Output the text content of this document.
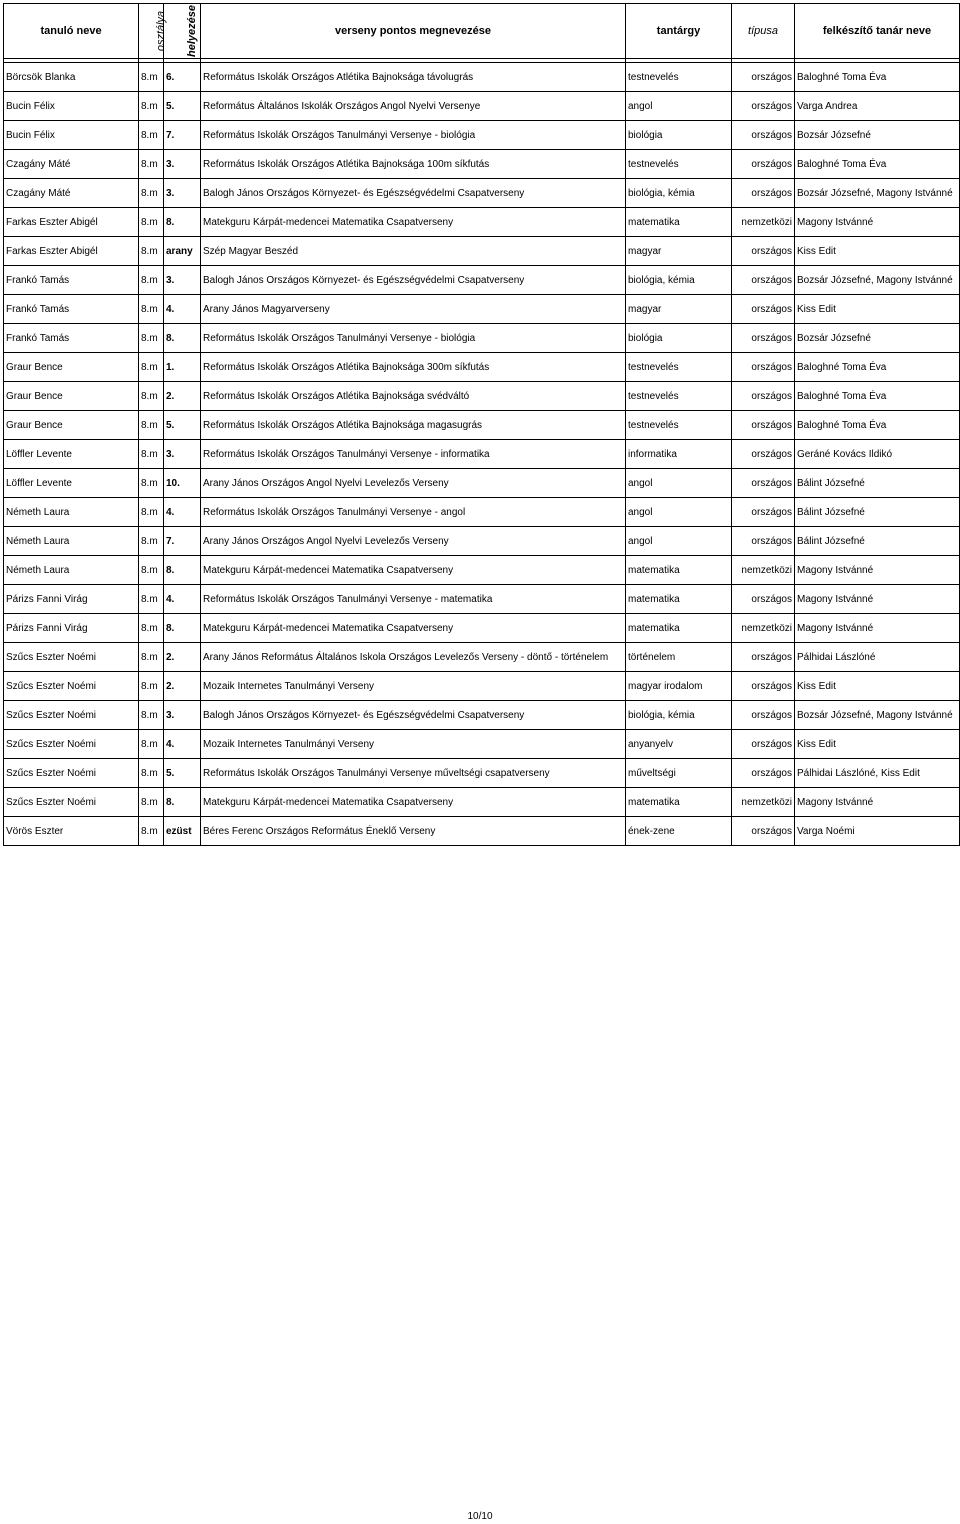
tanuló neve	osztálya	helyezése	verseny pontos megnevezése	tantárgy	típusa	felkészítő tanár neve

Börcsök Blanka	8.m	6.	Református Iskolák Országos Atlétika Bajnoksága távolugrás	testnevelés	országos	Baloghné Toma Éva
Bucin Félix	8.m	5.	Református Általános Iskolák Országos Angol Nyelvi Versenye	angol	országos	Varga Andrea
Bucin Félix	8.m	7.	Református Iskolák Országos Tanulmányi Versenye - biológia	biológia	országos	Bozsár Józsefné
Czagány Máté	8.m	3.	Református Iskolák Országos Atlétika Bajnoksága 100m síkfutás	testnevelés	országos	Baloghné Toma Éva
Czagány Máté	8.m	3.	Balogh János Országos Környezet- és Egészségvédelmi Csapatverseny	biológia, kémia	országos	Bozsár Józsefné, Magony Istvánné
Farkas Eszter Abigél	8.m	8.	Matekguru Kárpát-medencei Matematika Csapatverseny	matematika	nemzetközi	Magony Istvánné
Farkas Eszter Abigél	8.m	arany	Szép Magyar Beszéd	magyar	országos	Kiss Edit
Frankó Tamás	8.m	3.	Balogh János Országos Környezet- és Egészségvédelmi Csapatverseny	biológia, kémia	országos	Bozsár Józsefné, Magony Istvánné
Frankó Tamás	8.m	4.	Arany János Magyarverseny	magyar	országos	Kiss Edit
Frankó Tamás	8.m	8.	Református Iskolák Országos Tanulmányi Versenye - biológia	biológia	országos	Bozsár Józsefné
Graur Bence	8.m	1.	Református Iskolák Országos Atlétika Bajnoksága 300m síkfutás	testnevelés	országos	Baloghné Toma Éva
Graur Bence	8.m	2.	Református Iskolák Országos Atlétika Bajnoksága svédváltó	testnevelés	országos	Baloghné Toma Éva
Graur Bence	8.m	5.	Református Iskolák Országos Atlétika Bajnoksága magasugrás	testnevelés	országos	Baloghné Toma Éva
Löffler Levente	8.m	3.	Református Iskolák Országos Tanulmányi Versenye - informatika	informatika	országos	Geráné Kovács Ildikó
Löffler Levente	8.m	10.	Arany János Országos Angol Nyelvi Levelezős Verseny	angol	országos	Bálint Józsefné
Németh Laura	8.m	4.	Református Iskolák Országos Tanulmányi Versenye - angol	angol	országos	Bálint Józsefné
Németh Laura	8.m	7.	Arany János Országos Angol Nyelvi Levelezős Verseny	angol	országos	Bálint Józsefné
Németh Laura	8.m	8.	Matekguru Kárpát-medencei Matematika Csapatverseny	matematika	nemzetközi	Magony Istvánné
Párizs Fanni Virág	8.m	4.	Református Iskolák Országos Tanulmányi Versenye - matematika	matematika	országos	Magony Istvánné
Párizs Fanni Virág	8.m	8.	Matekguru Kárpát-medencei Matematika Csapatverseny	matematika	nemzetközi	Magony Istvánné
Szűcs Eszter Noémi	8.m	2.	Arany János Református Általános Iskola Országos Levelezős Verseny - döntő - történelem	történelem	országos	Pálhidai Lászlóné
Szűcs Eszter Noémi	8.m	2.	Mozaik Internetes Tanulmányi Verseny	magyar irodalom	országos	Kiss Edit
Szűcs Eszter Noémi	8.m	3.	Balogh János Országos Környezet- és Egészségvédelmi Csapatverseny	biológia, kémia	országos	Bozsár Józsefné, Magony Istvánné
Szűcs Eszter Noémi	8.m	4.	Mozaik Internetes Tanulmányi Verseny	anyanyelv	országos	Kiss Edit
Szűcs Eszter Noémi	8.m	5.	Református Iskolák Országos Tanulmányi Versenye műveltségi csapatverseny	műveltségi	országos	Pálhidai Lászlóné, Kiss Edit
Szűcs Eszter Noémi	8.m	8.	Matekguru Kárpát-medencei Matematika Csapatverseny	matematika	nemzetközi	Magony Istvánné
Vörös Eszter	8.m	ezüst	Béres Ferenc Országos Református Éneklő Verseny	ének-zene	országos	Varga Noémi
10/10
